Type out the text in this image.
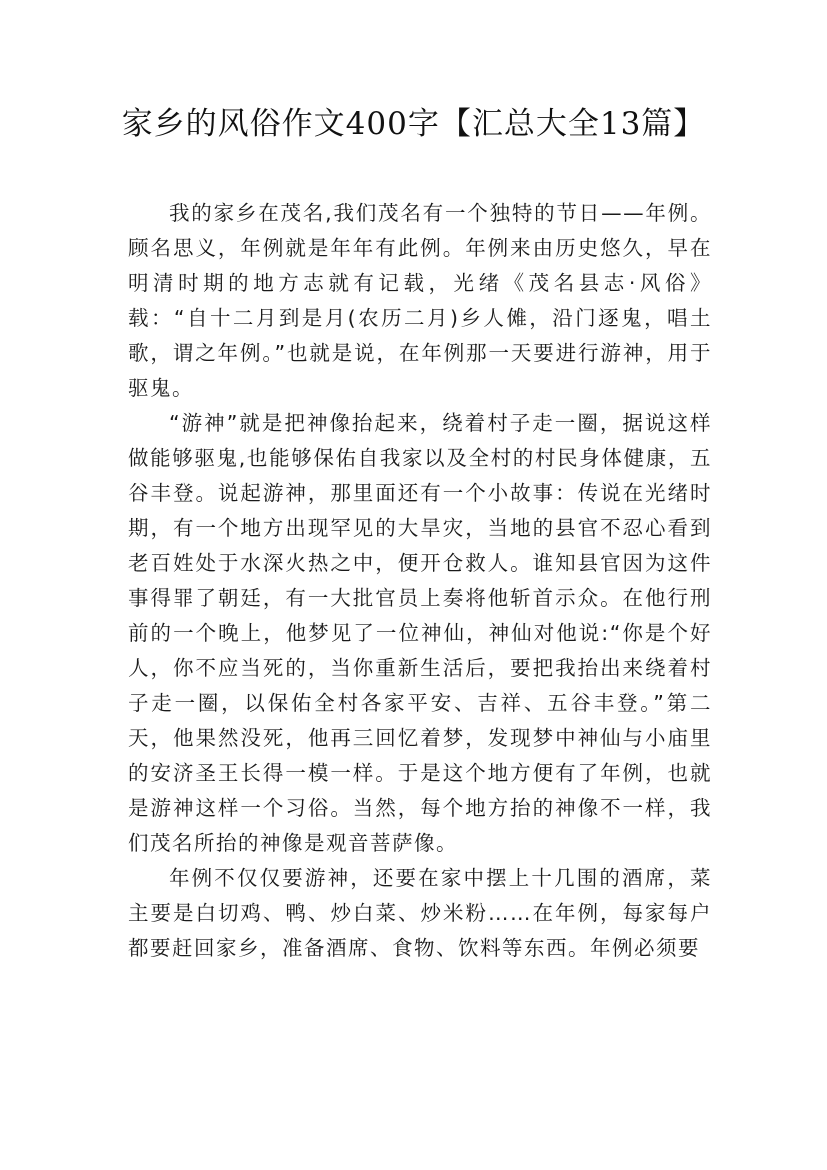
家乡的风俗作文400字【汇总大全13篇】

我的家乡在茂名,我们茂名有一个独特的节日——年例。顾名思义，年例就是年年有此例。年例来由历史悠久，早在明清时期的地方志就有记载，光绪《茂名县志·风俗》载：“自十二月到是月(农历二月)乡人傩，沿门逐鬼，唱土歌，谓之年例。”也就是说，在年例那一天要进行游神，用于驱鬼。

“游神”就是把神像抬起来，绕着村子走一圈，据说这样做能够驱鬼,也能够保佑自我家以及全村的村民身体健康，五谷丰登。说起游神，那里面还有一个小故事：传说在光绪时期，有一个地方出现罕见的大旱灾，当地的县官不忍心看到老百姓处于水深火热之中，便开仓救人。谁知县官因为这件事得罪了朝廷，有一大批官员上奏将他斩首示众。在他行刑前的一个晚上，他梦见了一位神仙，神仙对他说:“你是个好人，你不应当死的，当你重新生活后，要把我抬出来绕着村子走一圈，以保佑全村各家平安、吉祥、五谷丰登。”第二天，他果然没死，他再三回忆着梦，发现梦中神仙与小庙里的安济圣王长得一模一样。于是这个地方便有了年例，也就是游神这样一个习俗。当然，每个地方抬的神像不一样，我们茂名所抬的神像是观音菩萨像。

年例不仅仅要游神，还要在家中摆上十几围的酒席，菜主要是白切鸡、鸭、炒白菜、炒米粉……在年例，每家每户都要赶回家乡，准备酒席、食物、饮料等东西。年例必须要
